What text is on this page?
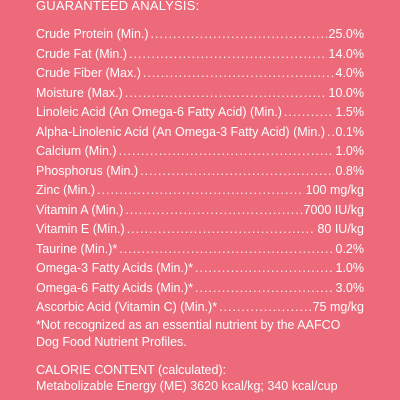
GUARANTEED ANALYSIS:
Crude Protein (Min.) .....	25.0%
Crude Fat (Min.) .....	14.0%
Crude Fiber (Max.) .....	4.0%
Moisture (Max.) .....	10.0%
Linoleic Acid (An Omega-6 Fatty Acid) (Min.) .....	1.5%
Alpha-Linolenic Acid (An Omega-3 Fatty Acid) (Min.) ..... 0.1%
Calcium (Min.) .....	1.0%
Phosphorus (Min.) .....	0.8%
Zinc (Min.) .....	100 mg/kg
Vitamin A (Min.) .....	7000 IU/kg
Vitamin E (Min.) .....	80 IU/kg
Taurine (Min.)* .....	0.2%
Omega-3 Fatty Acids (Min.)* .....	1.0%
Omega-6 Fatty Acids (Min.)* .....	3.0%
Ascorbic Acid (Vitamin C) (Min.)* .....	75 mg/kg
*Not recognized as an essential nutrient by the AAFCO Dog Food Nutrient Profiles.
CALORIE CONTENT (calculated):
Metabolizable Energy (ME) 3620 kcal/kg; 340 kcal/cup
